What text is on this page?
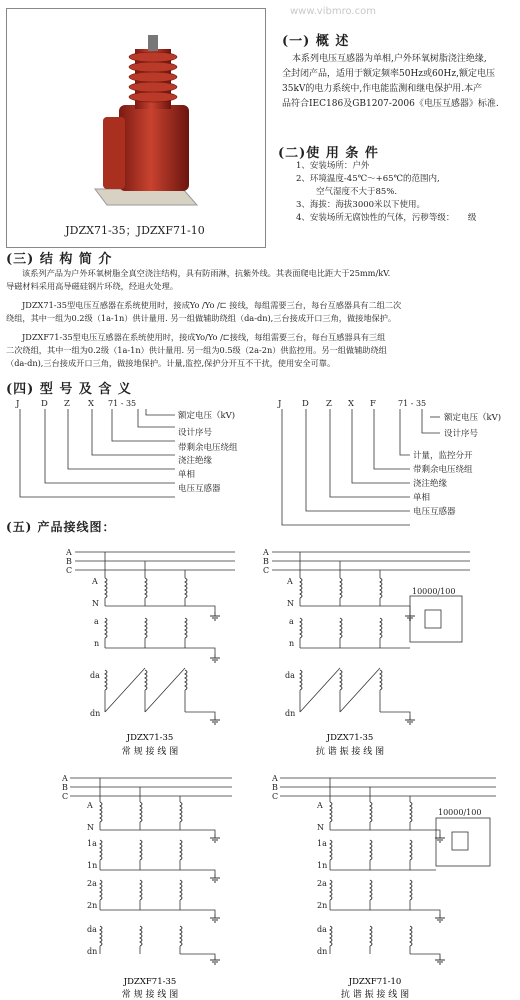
www.vibmro.com
JDZX71-35；JDZXF71-10
(一) 概 述
本系列电压互感器为单相,户外环氧树脂浇注绝缘,
全封闭产品，适用于额定频率50Hz或60Hz,额定电压
35kV的电力系统中,作电能监测和继电保护用.本产
品符合IEC186及GB1207-2006《电压互感器》标准.
(二)使 用 条 件
1、安装场所：户外
2、环境温度-45℃～+65℃的范围内,
空气湿度不大于85%.
3、海拔：海拔3000米以下使用。
4、安装场所无腐蚀性的气体，污秽等级：     级
(三) 结 构 简 介
该系列产品为户外环氧树脂全真空浇注结构，具有防雨淋，抗紫外线。其表面爬电比距大于25mm/kV.
导磁材料采用高导磁硅钢片环绕，经退火处理。
JDZX71-35型电压互感器在系统使用时，接成Yo /Yo /⊏ 接线，每组需要三台，每台互感器具有二组二次
绕组，其中一组为0.2级（1a-1n）供计量用. 另一组做辅助绕组（da-dn),三台接成开口三角，做接地保护。
JDZXF71-35型电压互感器在系统使用时，接成Yo/Yo /⊏接线，每组需要三台，每台互感器具有三组
二次绕组，其中一组为0.2级（1a-1n）供计量用. 另一组为0.5级（2a-2n）供监控用。另一组做辅助绕组
（da-dn),三台接成开口三角，做接地保护。计量,监控,保护分开互不干扰，使用安全可靠。
(四) 型 号 及 含 义
J	D Z X 71 - 35
额定电压（kV)
设计序号
带剩余电压绕组
浇注绝缘
单相
电压互感器
J D Z X F	71 - 35
额定电压（kV)
设计序号
计量，监控分开
带剩余电压绕组
浇注绝缘
单相
电压互感器
(五) 产品接线图：
A
B
C
A
N
a
n
da
dn
JDZX71-35
常 规 接 线 图
A
B
C
10000/100
A
N
a
n
da
dn
JDZX71-35
抗 谐 振 接 线 图
A
B
C
A
N
1a
1n
2a
2n
da
dn
JDZXF71-35
常 规 接 线 图
A
B
C
10000/100
A
N
1a
1n
2a
2n
da
dn
JDZXF71-10
抗 谐 振 接 线 图
